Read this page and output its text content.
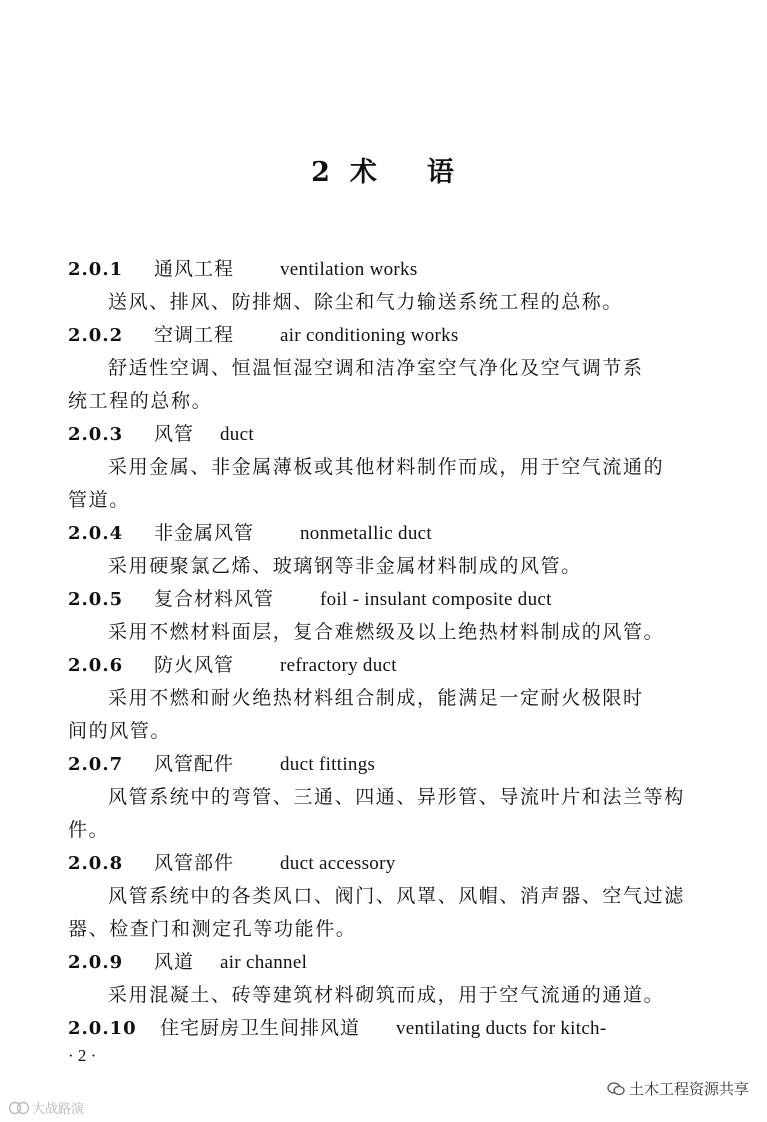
2 术 语
2.0.1 通风工程 ventilation works
送风、排风、防排烟、除尘和气力输送系统工程的总称。
2.0.2 空调工程 air conditioning works
舒适性空调、恒温恒湿空调和洁净室空气净化及空气调节系
统工程的总称。
2.0.3 风管 duct
采用金属、非金属薄板或其他材料制作而成，用于空气流通的
管道。
2.0.4 非金属风管 nonmetallic duct
采用硬聚氯乙烯、玻璃钢等非金属材料制成的风管。
2.0.5 复合材料风管 foil - insulant composite duct
采用不燃材料面层，复合难燃级及以上绝热材料制成的风管。
2.0.6 防火风管 refractory duct
采用不燃和耐火绝热材料组合制成，能满足一定耐火极限时
间的风管。
2.0.7 风管配件 duct fittings
风管系统中的弯管、三通、四通、异形管、导流叶片和法兰等构
件。
2.0.8 风管部件 duct accessory
风管系统中的各类风口、阀门、风罩、风帽、消声器、空气过滤
器、检查门和测定孔等功能件。
2.0.9 风道 air channel
采用混凝土、砖等建筑材料砌筑而成，用于空气流通的通道。
2.0.10 住宅厨房卫生间排风道 ventilating ducts for kitch-
· 2 ·
土木工程资源共享
大战路演
